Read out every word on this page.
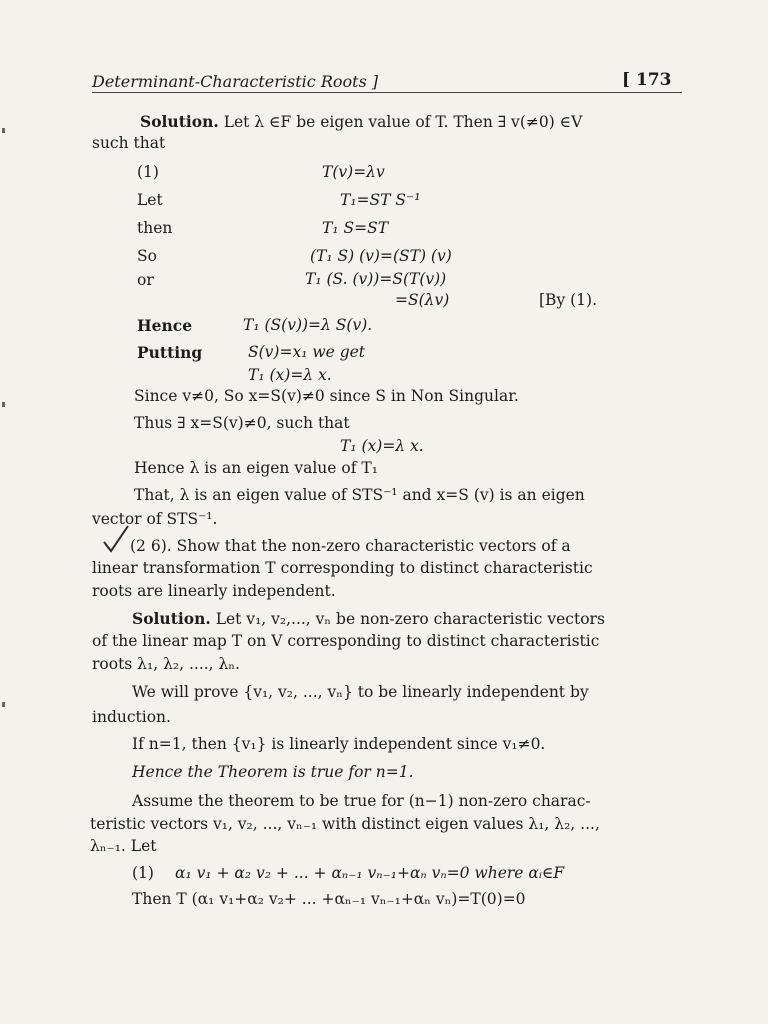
Determinant-Characteristic Roots ]	[ 173
Solution. Let λ ∈F be eigen value of T. Then ∃ v(≠0) ∈V
such that
(1)	T(v)=λv
Let	T₁=ST S⁻¹
then	T₁ S=ST
So	(T₁ S) (v)=(ST) (v)
or	T₁ (S. (v))=S(T(v))
=S(λv)	[By (1).
Hence	T₁ (S(v))=λ S(v).
Putting	S(v)=x₁ we get
T₁ (x)=λ x.
Since v≠0, So x=S(v)≠0 since S in Non Singular.
Thus ∃ x=S(v)≠0, such that
T₁ (x)=λ x.
Hence λ is an eigen value of T₁
That, λ is an eigen value of STS⁻¹ and x=S (v) is an eigen
vector of STS⁻¹.
(2 6). Show that the non-zero characteristic vectors of a
linear transformation T corresponding to distinct characteristic
roots are linearly independent.
Solution. Let v₁, v₂,..., vₙ be non-zero characteristic vectors
of the linear map T on V corresponding to distinct characteristic
roots λ₁, λ₂, ...., λₙ.
We will prove {v₁, v₂, ..., vₙ} to be linearly independent by
induction.
If n=1, then {v₁} is linearly independent since v₁≠0.
Hence the Theorem is true for n=1.
Assume the theorem to be true for (n−1) non-zero charac-
teristic vectors v₁, v₂, ..., vₙ₋₁ with distinct eigen values λ₁, λ₂, ...,
λₙ₋₁. Let
(1) α₁ v₁ + α₂ v₂ + ... + αₙ₋₁ vₙ₋₁+αₙ vₙ=0 where αᵢ∈F
Then T (α₁ v₁+α₂ v₂+ ... +αₙ₋₁ vₙ₋₁+αₙ vₙ)=T(0)=0
